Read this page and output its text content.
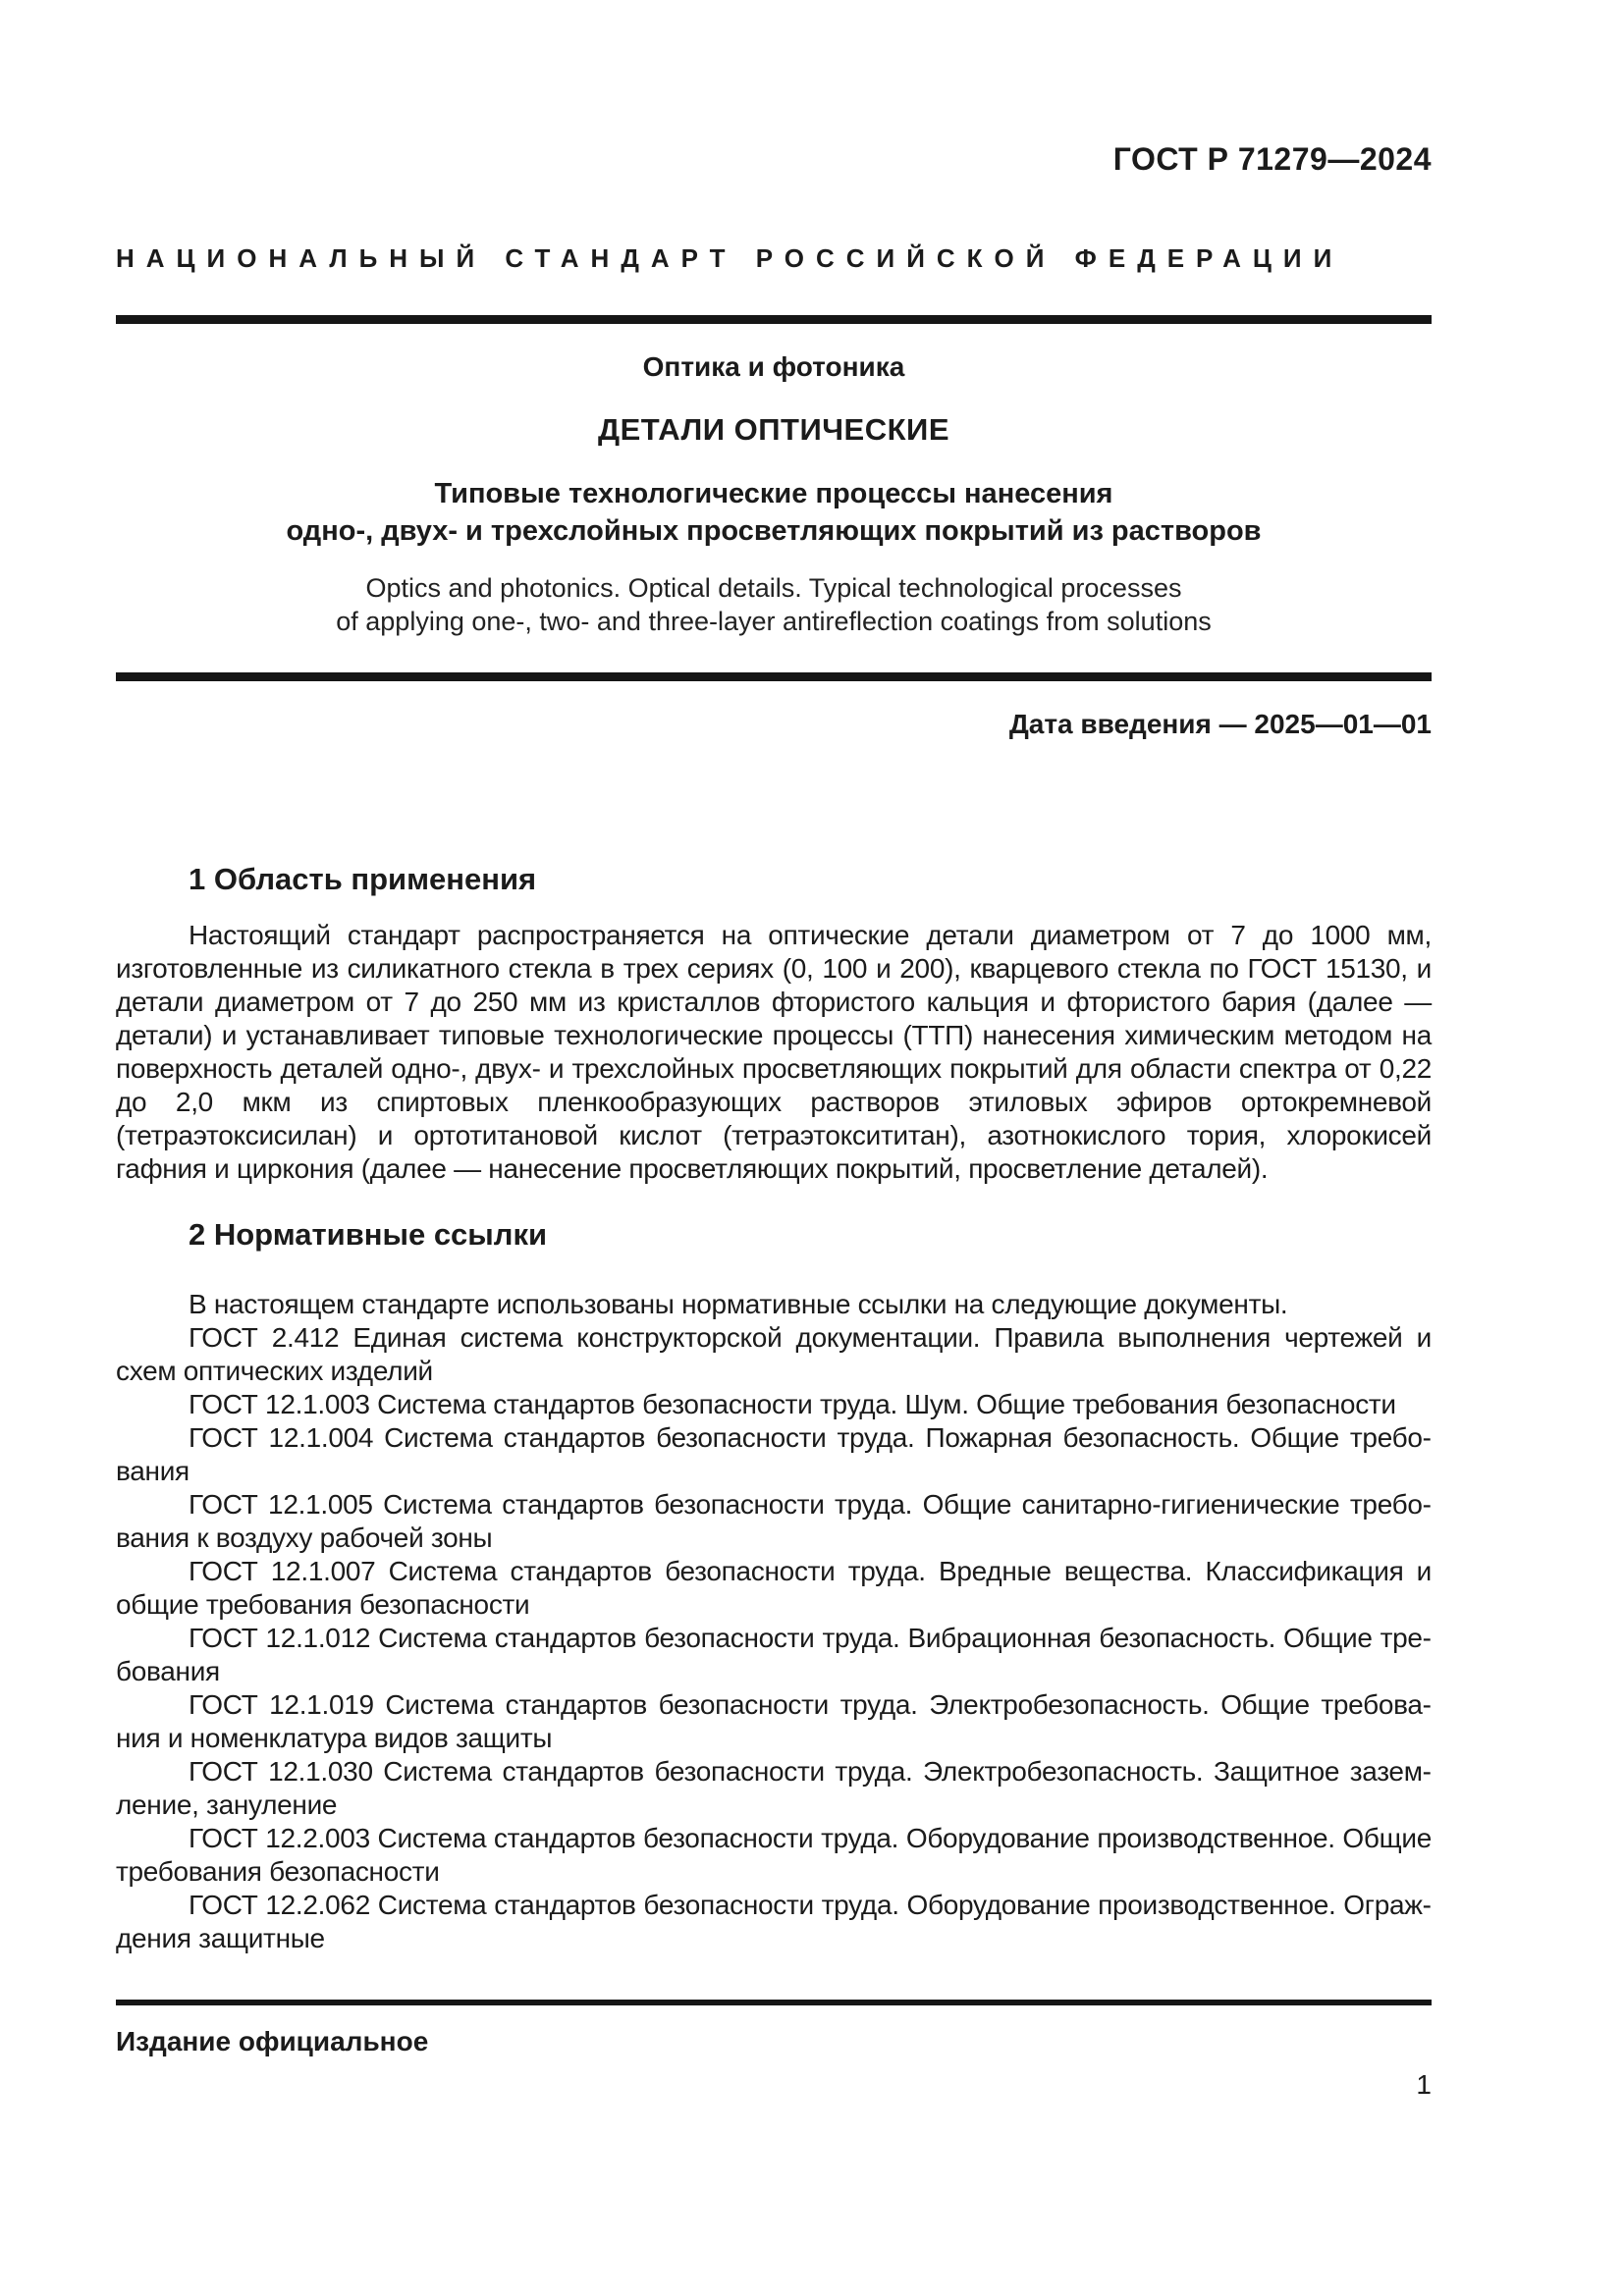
ГОСТ Р 71279—2024
НАЦИОНАЛЬНЫЙ СТАНДАРТ РОССИЙСКОЙ ФЕДЕРАЦИИ
Оптика и фотоника
ДЕТАЛИ ОПТИЧЕСКИЕ
Типовые технологические процессы нанесения
одно-, двух- и трехслойных просветляющих покрытий из растворов
Optics and photonics. Optical details. Typical technological processes
of applying one-, two- and three-layer antireflection coatings from solutions
Дата введения — 2025—01—01
1 Область применения

Настоящий стандарт распространяется на оптические детали диаметром от 7 до 1000 мм, изготовленные из силикатного стекла в трех сериях (0, 100 и 200), кварцевого стекла по ГОСТ 15130, и детали диаметром от 7 до 250 мм из кристаллов фтористого кальция и фтористого бария (далее — детали) и устанавливает типовые технологические процессы (ТТП) нанесения химическим методом на поверхность деталей одно-, двух- и трехслойных просветляющих покрытий для области спектра от 0,22 до 2,0 мкм из спиртовых пленкообразующих растворов этиловых эфиров ортокремневой (тетраэтоксисилан) и ортотитановой кислот (тетраэтоксититан), азотнокислого тория, хлорокисей гафния и циркония (далее — нанесение просветляющих покрытий, просветление деталей).

2 Нормативные ссылки

В настоящем стандарте использованы нормативные ссылки на следующие документы.

ГОСТ 2.412 Единая система конструкторской документации. Правила выполнения чертежей и схем оптических изделий

ГОСТ 12.1.003 Система стандартов безопасности труда. Шум. Общие требования безопасности

ГОСТ 12.1.004 Система стандартов безопасности труда. Пожарная безопасность. Общие требования

ГОСТ 12.1.005 Система стандартов безопасности труда. Общие санитарно-гигиенические требования к воздуху рабочей зоны

ГОСТ 12.1.007 Система стандартов безопасности труда. Вредные вещества. Классификация и общие требования безопасности

ГОСТ 12.1.012 Система стандартов безопасности труда. Вибрационная безопасность. Общие требования

ГОСТ 12.1.019 Система стандартов безопасности труда. Электробезопасность. Общие требования и номенклатура видов защиты

ГОСТ 12.1.030 Система стандартов безопасности труда. Электробезопасность. Защитное заземление, зануление

ГОСТ 12.2.003 Система стандартов безопасности труда. Оборудование производственное. Общие требования безопасности

ГОСТ 12.2.062 Система стандартов безопасности труда. Оборудование производственное. Ограждения защитные

Издание официальное
1
